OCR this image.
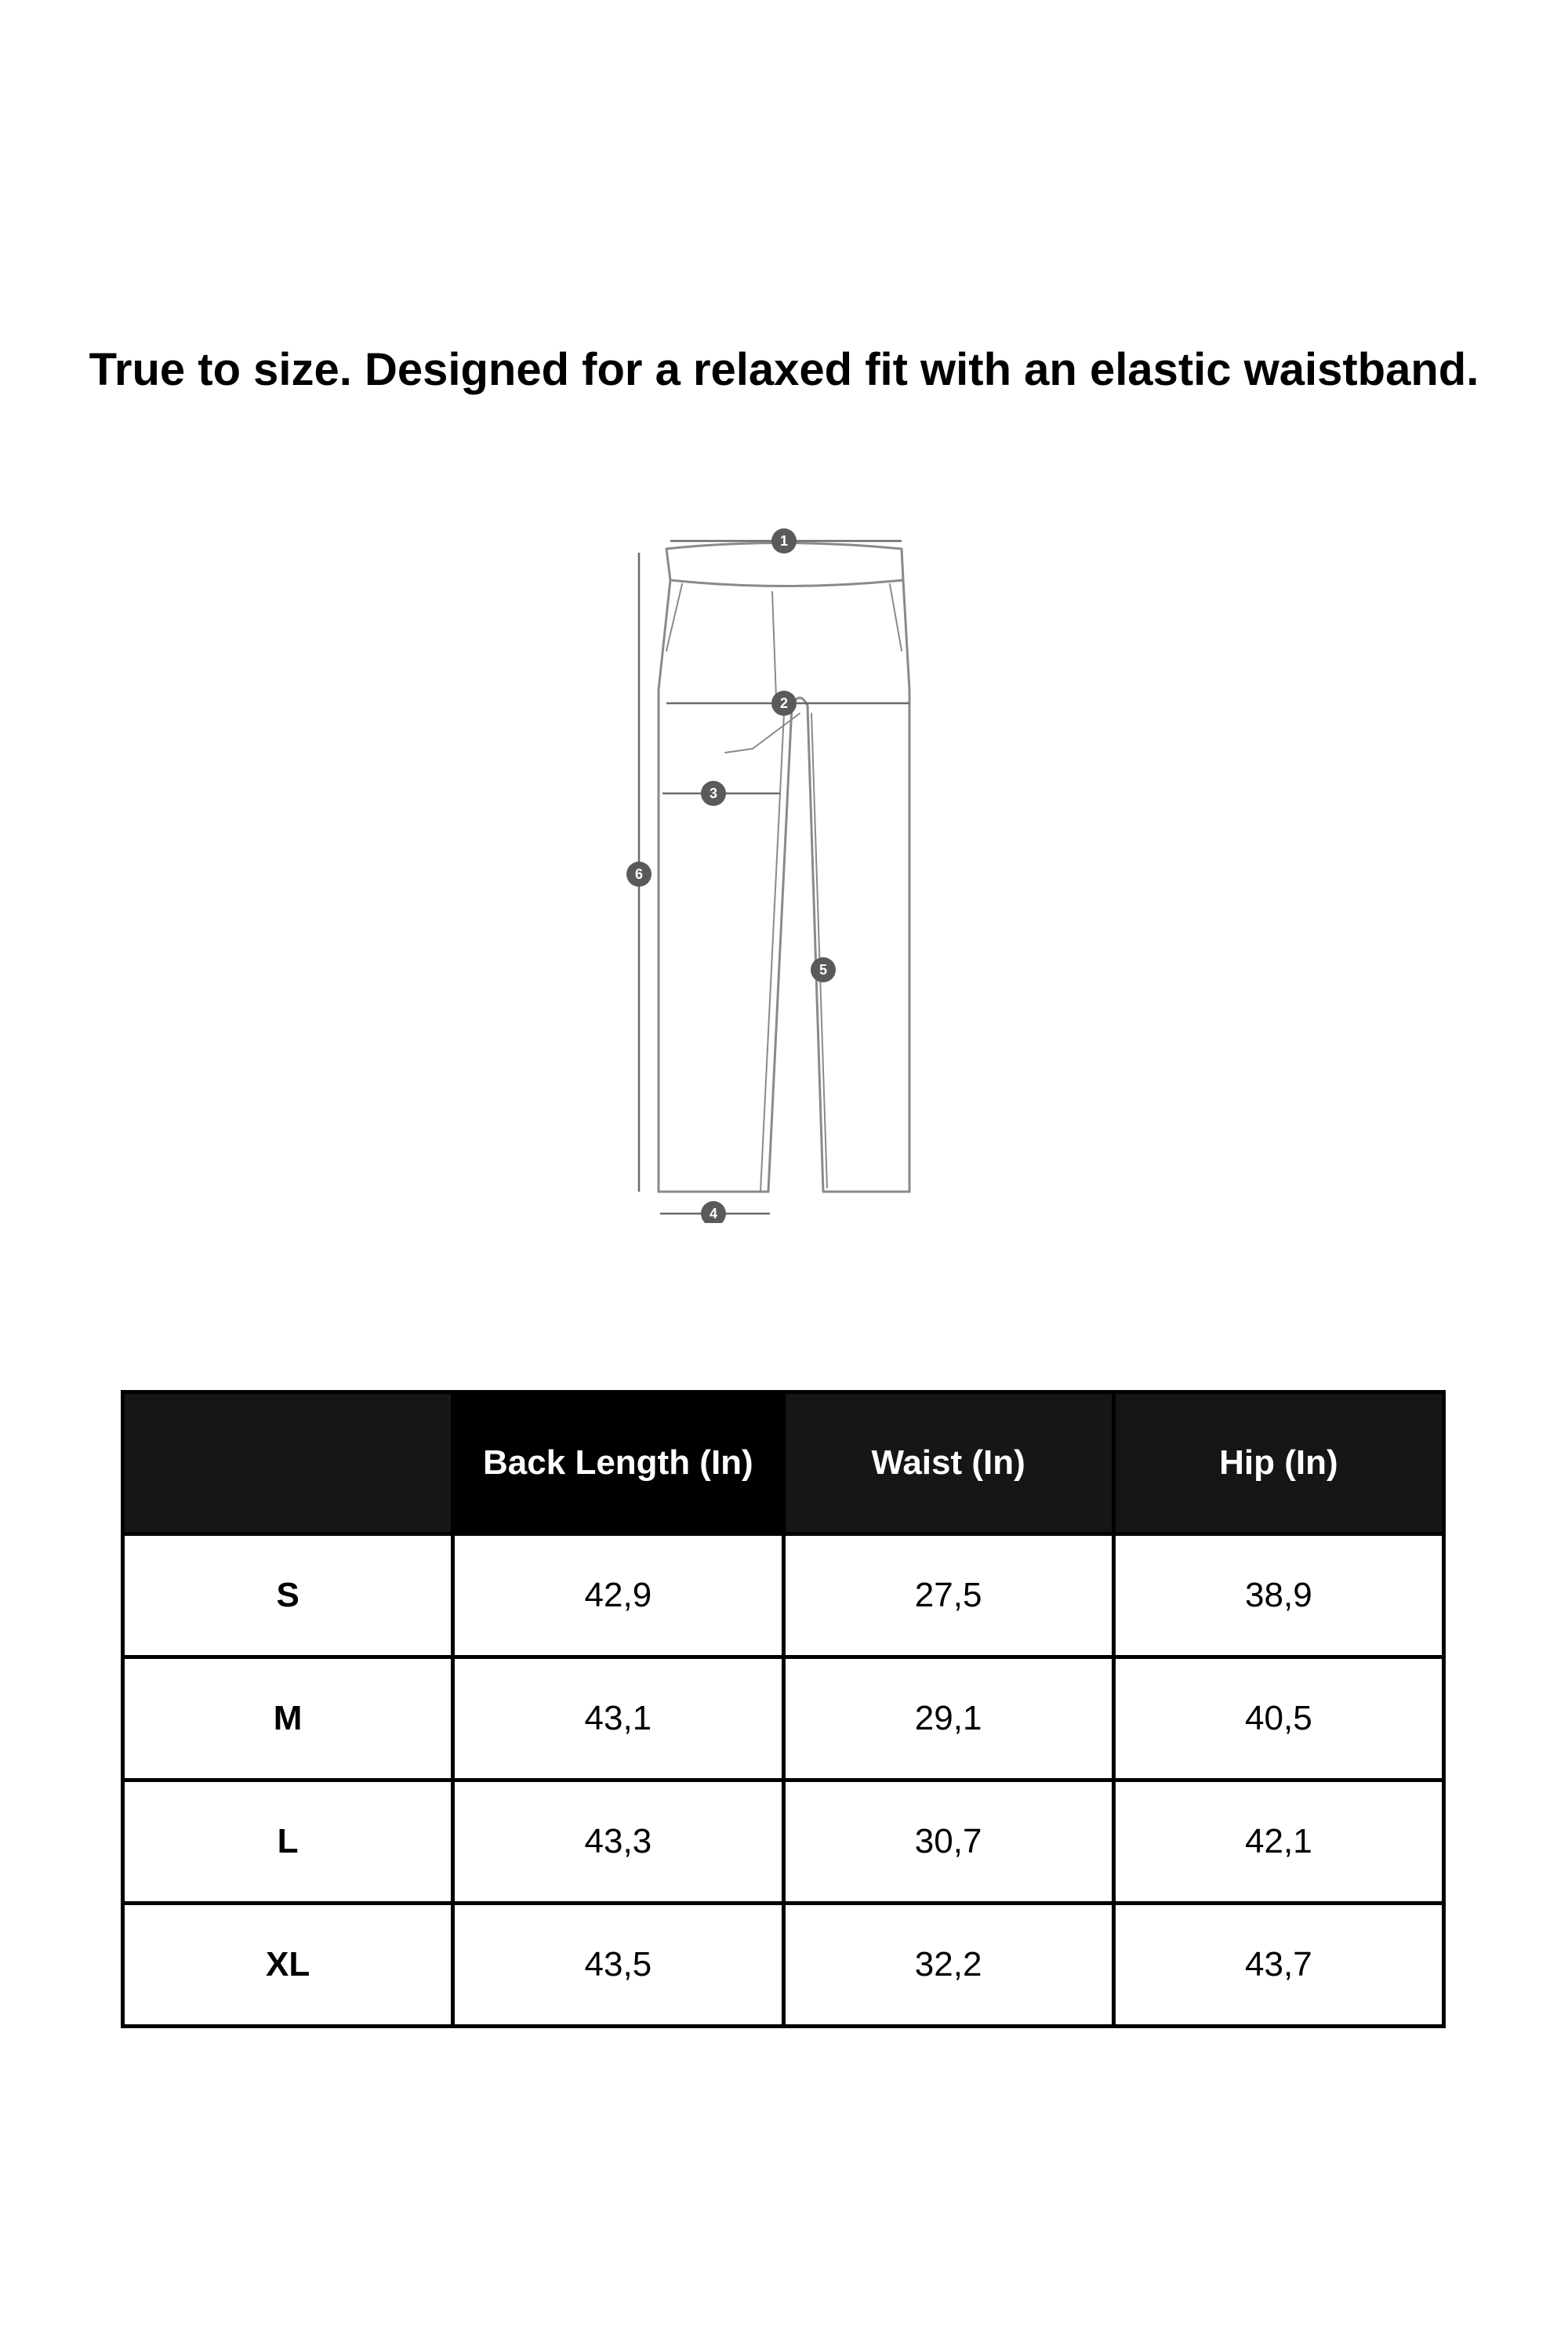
True to size. Designed for a relaxed fit with an elastic waistband.
1
2
3
4
5
6
	Back Length (In)	Waist (In)	Hip (In)
S	42,9	27,5	38,9
M	43,1	29,1	40,5
L	43,3	30,7	42,1
XL	43,5	32,2	43,7
